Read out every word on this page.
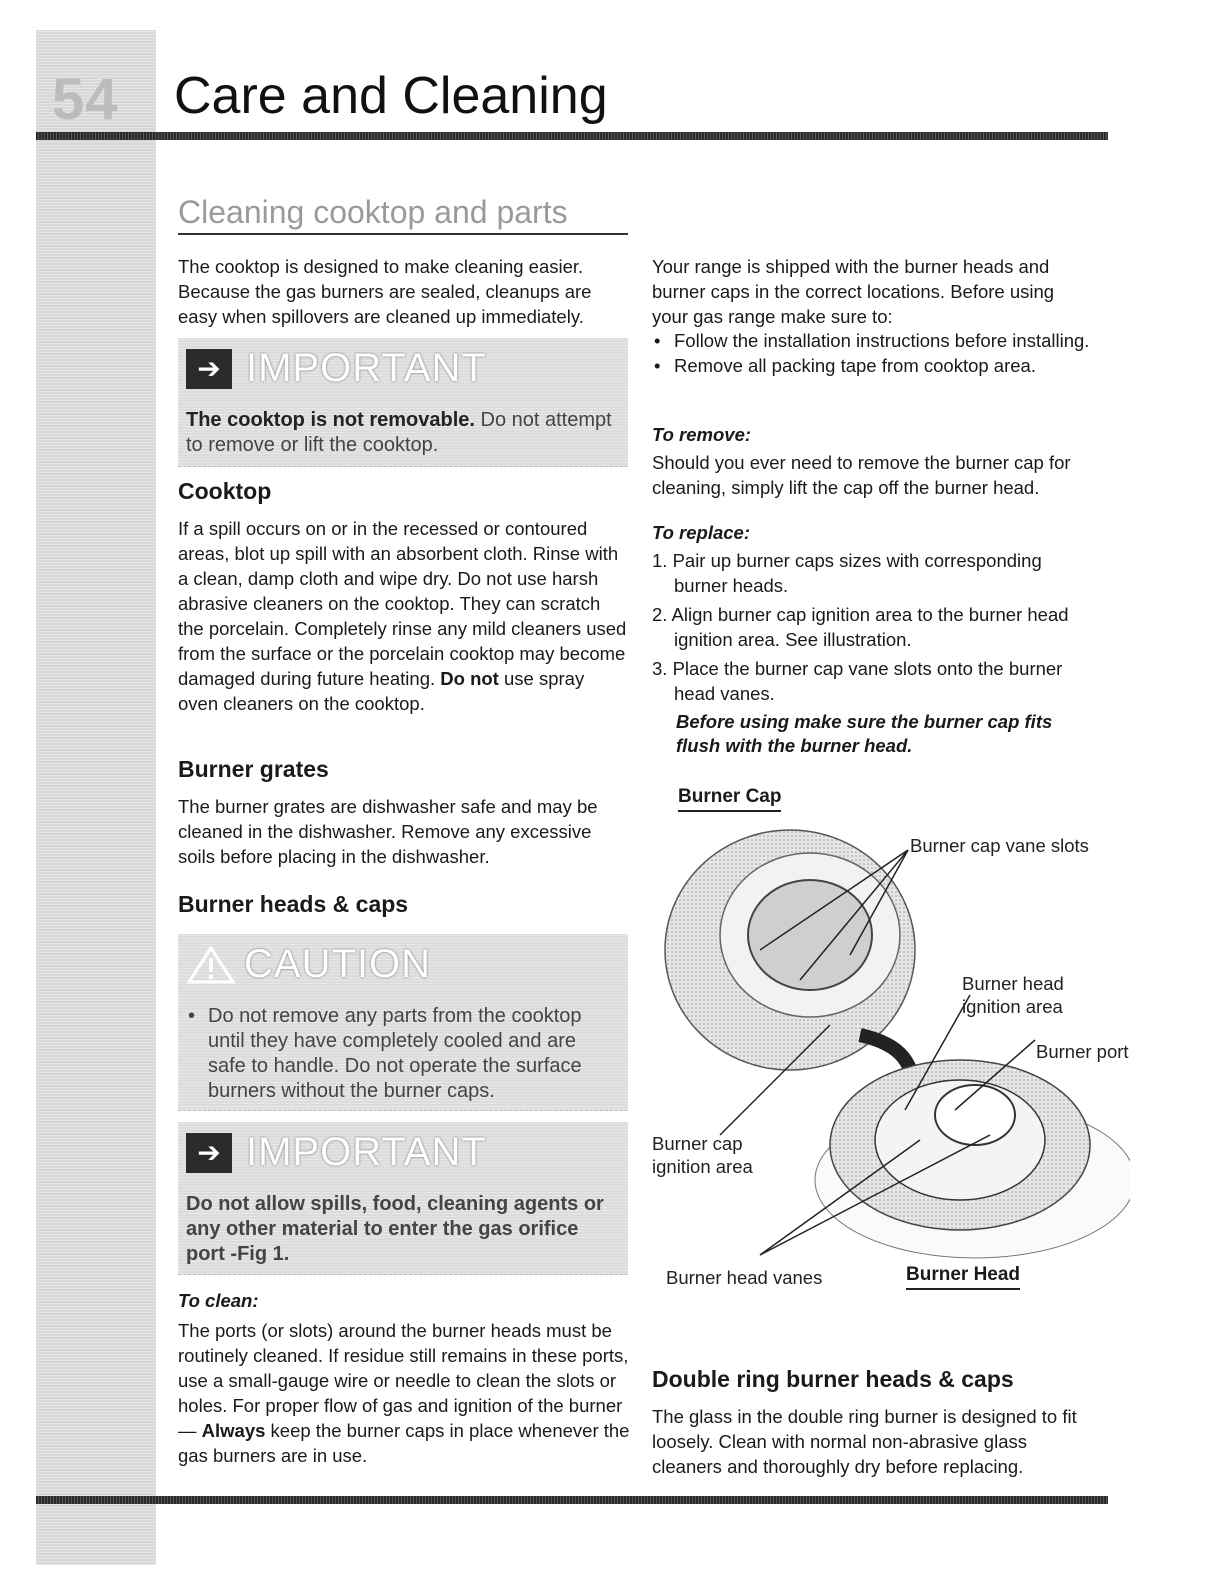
54 Care and Cleaning
Cleaning cooktop and parts

The cooktop is designed to make cleaning easier. Because the gas burners are sealed, cleanups are easy when spillovers are cleaned up immediately.

➔ IMPORTANT
The cooktop is not removable. Do not attempt to remove or lift the cooktop.
Cooktop

If a spill occurs on or in the recessed or contoured areas, blot up spill with an absorbent cloth. Rinse with a clean, damp cloth and wipe dry. Do not use harsh abrasive cleaners on the cooktop. They can scratch the porcelain. Completely rinse any mild cleaners used from the surface or the porcelain cooktop may become damaged during future heating. Do not use spray oven cleaners on the cooktop.

Burner grates

The burner grates are dishwasher safe and may be cleaned in the dishwasher. Remove any excessive soils before placing in the dishwasher.

Burner heads & caps
CAUTION
• Do not remove any parts from the cooktop until they have completely cooled and are safe to handle. Do not operate the surface burners without the burner caps.
➔ IMPORTANT
Do not allow spills, food, cleaning agents or any other material to enter the gas orifice port -Fig 1.

To clean:

The ports (or slots) around the burner heads must be routinely cleaned. If residue still remains in these ports, use a small-gauge wire or needle to clean the slots or holes. For proper flow of gas and ignition of the burner— Always keep the burner caps in place whenever the gas burners are in use.

Your range is shipped with the burner heads and burner caps in the correct locations. Before using your gas range make sure to:

• Follow the installation instructions before installing.
• Remove all packing tape from cooktop area.

To remove:

Should you ever need to remove the burner cap for cleaning, simply lift the cap off the burner head.

To replace:

1. Pair up burner caps sizes with corresponding burner heads.
2. Align burner cap ignition area to the burner head ignition area. See illustration.
3. Place the burner cap vane slots onto the burner head vanes.

Before using make sure the burner cap fits flush with the burner head.

Burner Cap
Burner cap vane slots
Burner head ignition area
Burner port
Burner cap ignition area
Burner head vanes	Burner Head
Double ring burner heads & caps

The glass in the double ring burner is designed to fit loosely. Clean with normal non-abrasive glass cleaners and thoroughly dry before replacing.
